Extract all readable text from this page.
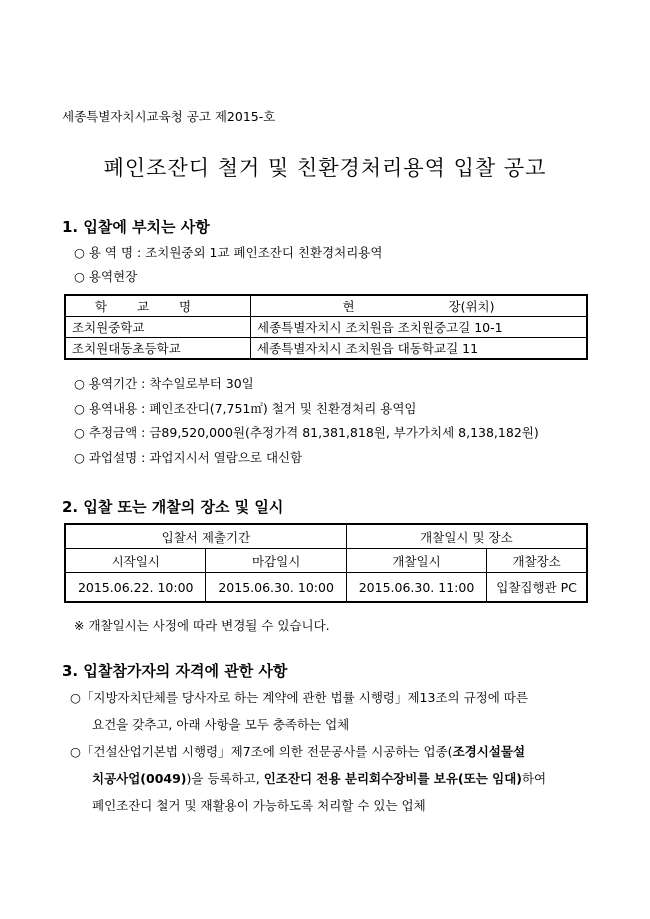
세종특별자치시교육청 공고 제2015-호
폐인조잔디 철거 및 친환경처리용역 입찰 공고
1. 입찰에 부치는 사항
○ 용 역 명 : 조치원중외 1교 폐인조잔디 친환경처리용역
○ 용역현장
학교명	현 장(위치)
조치원중학교	세종특별자치시 조치원읍 조치원중고길 10-1
조치원대동초등학교	세종특별자치시 조치원읍 대동학교길 11
○ 용역기간 : 착수일로부터 30일
○ 용역내용 : 폐인조잔디(7,751㎡) 철거 및 친환경처리 용역임
○ 추정금액 : 금89,520,000원(추정가격 81,381,818원, 부가가치세 8,138,182원)
○ 과업설명 : 과업지시서 열람으로 대신함
2. 입찰 또는 개찰의 장소 및 일시
입찰서 제출기간		개찰일시 및 장소	
시작일시	마감일시	개찰일시	개찰장소
2015.06.22. 10:00	2015.06.30. 10:00	2015.06.30. 11:00	입찰집행관 PC
※ 개찰일시는 사정에 따라 변경될 수 있습니다.
3. 입찰참가자의 자격에 관한 사항
○「지방자치단체를 당사자로 하는 계약에 관한 법률 시행령」제13조의 규정에 따른
요건을 갖추고, 아래 사항을 모두 충족하는 업체
○「건설산업기본법 시행령」제7조에 의한 전문공사를 시공하는 업종(조경시설물설
치공사업(0049))을 등록하고, 인조잔디 전용 분리회수장비를 보유(또는 임대)하여
폐인조잔디 철거 및 재활용이 가능하도록 처리할 수 있는 업체
